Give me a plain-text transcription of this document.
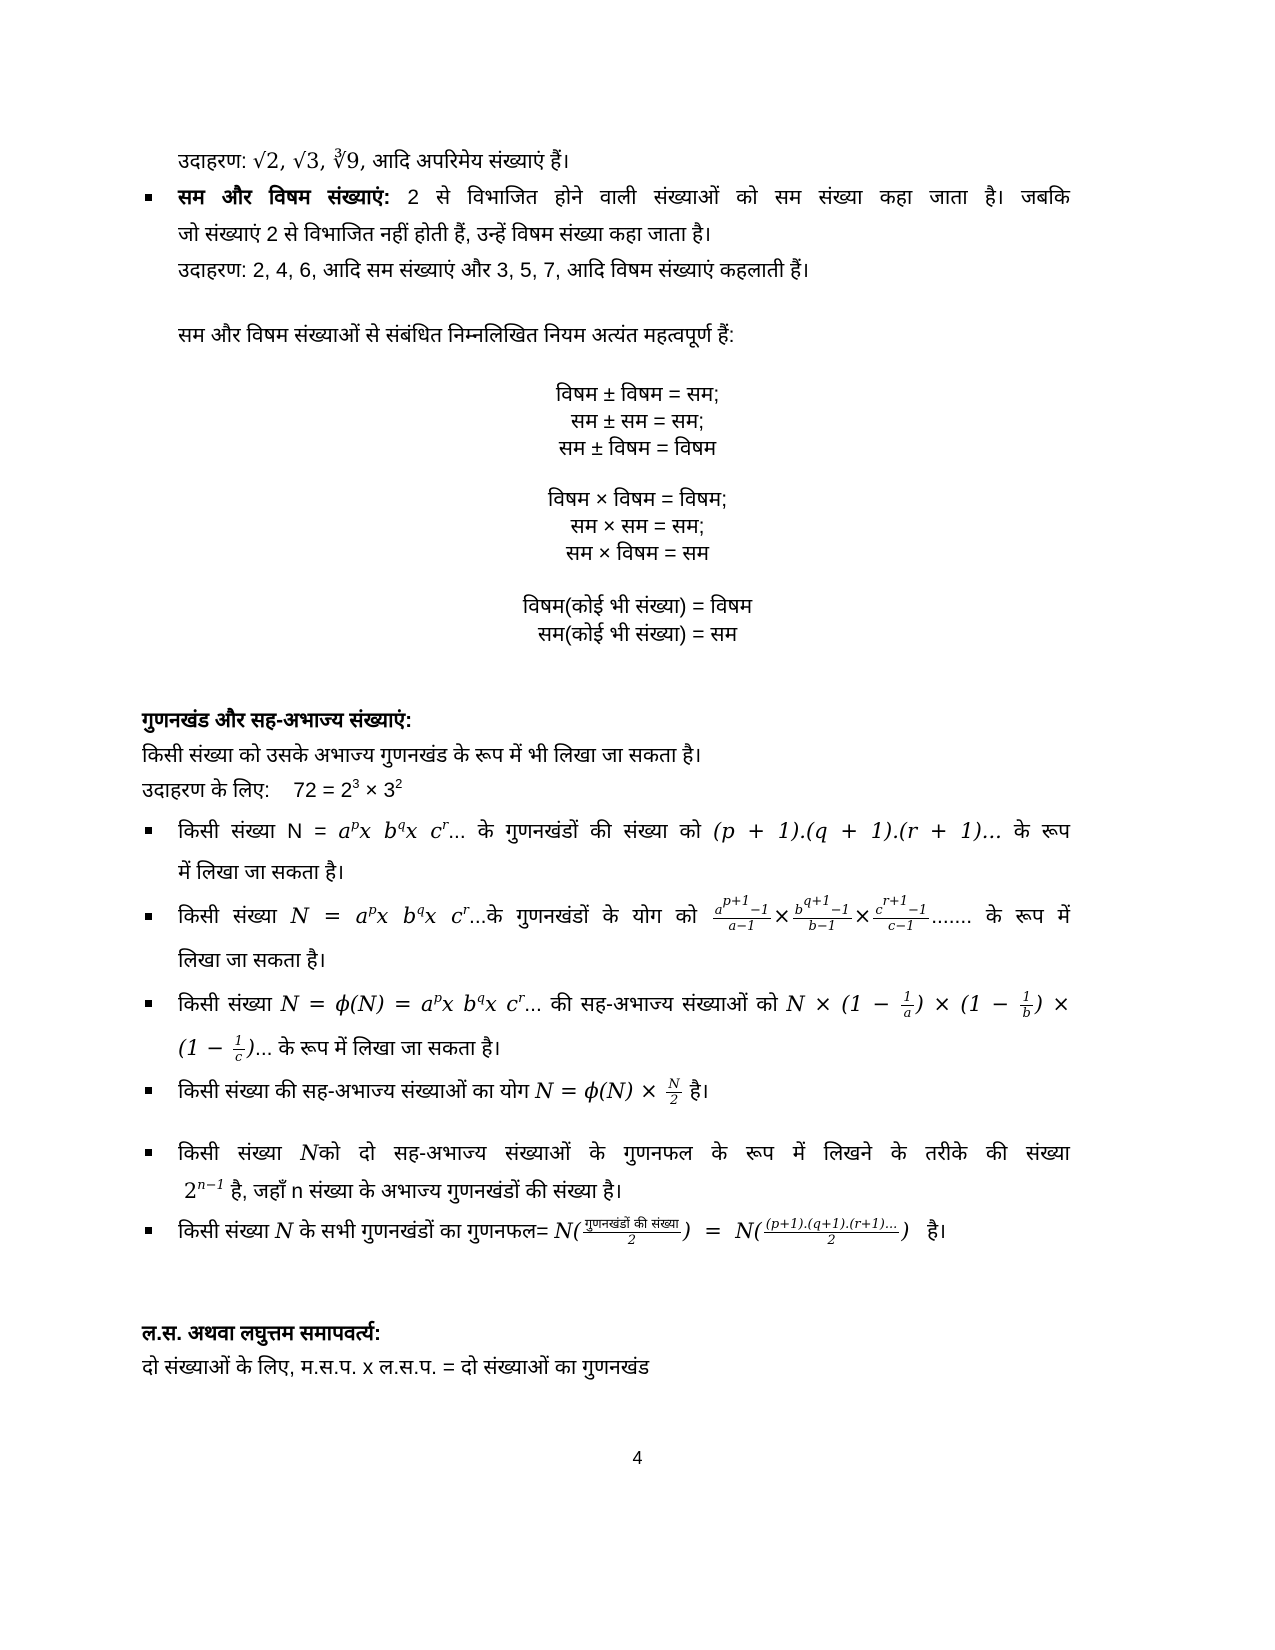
उदाहरण: √2, √3, ∛9, आदि अपरिमेय संख्याएं हैं।
सम और विषम संख्याएं: 2 से विभाजित होने वाली संख्याओं को सम संख्या कहा जाता है। जबकि
जो संख्याएं 2 से विभाजित नहीं होती हैं, उन्हें विषम संख्या कहा जाता है।
उदाहरण: 2, 4, 6, आदि सम संख्याएं और 3, 5, 7, आदि विषम संख्याएं कहलाती हैं।
सम और विषम संख्याओं से संबंधित निम्नलिखित नियम अत्यंत महत्वपूर्ण हैं:
विषम ± विषम = सम;
सम ± सम = सम;
सम ± विषम = विषम
विषम × विषम = विषम;
सम × सम = सम;
सम × विषम = सम
विषम(कोई भी संख्या) = विषम
सम(कोई भी संख्या) = सम
गुणनखंड और सह-अभाज्य संख्याएं:
किसी संख्या को उसके अभाज्य गुणनखंड के रूप में भी लिखा जा सकता है।
उदाहरण के लिए: $72 = 2^3 \times 3^2$
किसी संख्या $N = a^px$ $b^qx$ $c^r$... के गुणनखंडों की संख्या को (p + 1).(q + 1).(r + 1)... के रूप
में लिखा जा सकता है।
किसी संख्या $N = a^px$ $b^qx$ $c^r...के$ गुणनखंडों के योग को $\frac{a^{p+1}-1}{a-1} \times \frac{b^{q+1}-1}{b-1} \times \frac{c^{r+1}-1}{c-1}$ ....... के रूप में
लिखा जा सकता है।
किसी संख्या $N = \phi(N) = a^px$ $b^qx$ $c^r$... की सह-अभाज्य संख्याओं को $N \times (1 - \frac{1}{a}$ ) × ($1 - \frac{1}{b}$ ) ×
($1 - \frac{1}{c}$ )... के रूप में लिखा जा सकता है।
किसी संख्या की सह-अभाज्य संख्याओं का योग $N = \phi(N) \times \frac{N}{2}$ है।
किसी संख्या Nको दो सह-अभाज्य संख्याओं के गुणनफल के रूप में लिखने के तरीके की संख्या
$2^{n-1}$ है, जहाँ n संख्या के अभाज्य गुणनखंडों की संख्या है।
किसी संख्या N के सभी गुणनखंडों का गुणनफल= $N( \frac{\text{गुणनखंडों की संख्या}}{2}$ )  =  $N( \frac{(p+1).(q+1).(r+1)...}{2}$ ) है।
ल.स. अथवा लघुत्तम समापवर्त्य:
दो संख्याओं के लिए, म.स.प. x ल.स.प. = दो संख्याओं का गुणनखंड
4
